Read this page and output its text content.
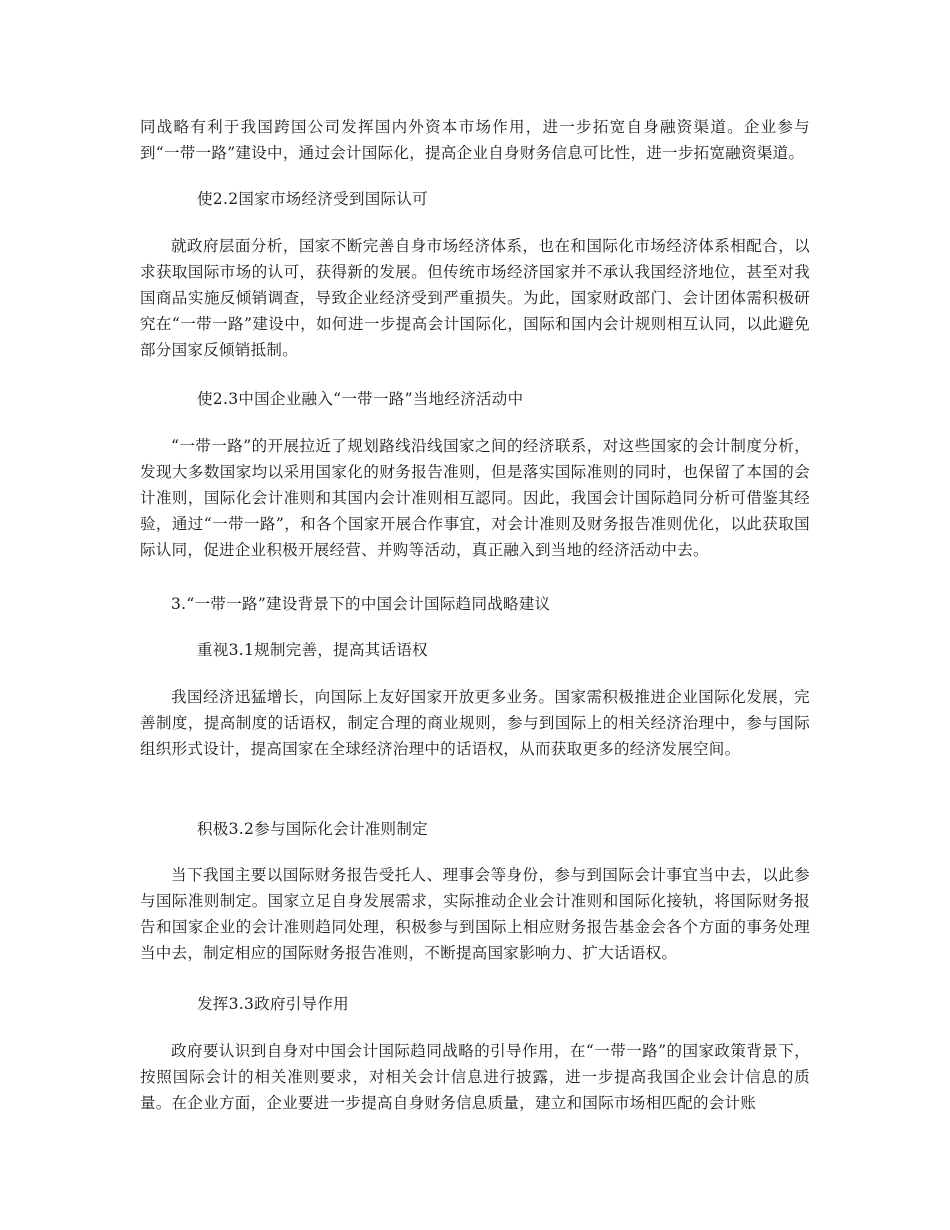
同战略有利于我国跨国公司发挥国内外资本市场作用，进一步拓宽自身融资渠道。企业参与到“一带一路”建设中，通过会计国际化，提高企业自身财务信息可比性，进一步拓宽融资渠道。

使2.2国家市场经济受到国际认可

就政府层面分析，国家不断完善自身市场经济体系，也在和国际化市场经济体系相配合，以求获取国际市场的认可，获得新的发展。但传统市场经济国家并不承认我国经济地位，甚至对我国商品实施反倾销调查，导致企业经济受到严重损失。为此，国家财政部门、会计团体需积极研究在“一带一路”建设中，如何进一步提高会计国际化，国际和国内会计规则相互认同，以此避免部分国家反倾销抵制。

使2.3中国企业融入“一带一路”当地经济活动中

“一带一路”的开展拉近了规划路线沿线国家之间的经济联系，对这些国家的会计制度分析，发现大多数国家均以采用国家化的财务报告准则，但是落实国际准则的同时，也保留了本国的会计准则，国际化会计准则和其国内会计准则相互認同。因此，我国会计国际趋同分析可借鉴其经验，通过“一带一路”，和各个国家开展合作事宜，对会计准则及财务报告准则优化，以此获取国际认同，促进企业积极开展经营、并购等活动，真正融入到当地的经济活动中去。

3.“一带一路”建设背景下的中国会计国际趋同战略建议

重视3.1规制完善，提高其话语权

我国经济迅猛增长，向国际上友好国家开放更多业务。国家需积极推进企业国际化发展，完善制度，提高制度的话语权，制定合理的商业规则，参与到国际上的相关经济治理中，参与国际组织形式设计，提高国家在全球经济治理中的话语权，从而获取更多的经济发展空间。

积极3.2参与国际化会计准则制定

当下我国主要以国际财务报告受托人、理事会等身份，参与到国际会计事宜当中去，以此参与国际准则制定。国家立足自身发展需求，实际推动企业会计准则和国际化接轨，将国际财务报告和国家企业的会计准则趋同处理，积极参与到国际上相应财务报告基金会各个方面的事务处理当中去，制定相应的国际财务报告准则，不断提高国家影响力、扩大话语权。

发挥3.3政府引导作用

政府要认识到自身对中国会计国际趋同战略的引导作用，在“一带一路”的国家政策背景下，按照国际会计的相关准则要求，对相关会计信息进行披露，进一步提高我国企业会计信息的质量。在企业方面，企业要进一步提高自身财务信息质量，建立和国际市场相匹配的会计账
